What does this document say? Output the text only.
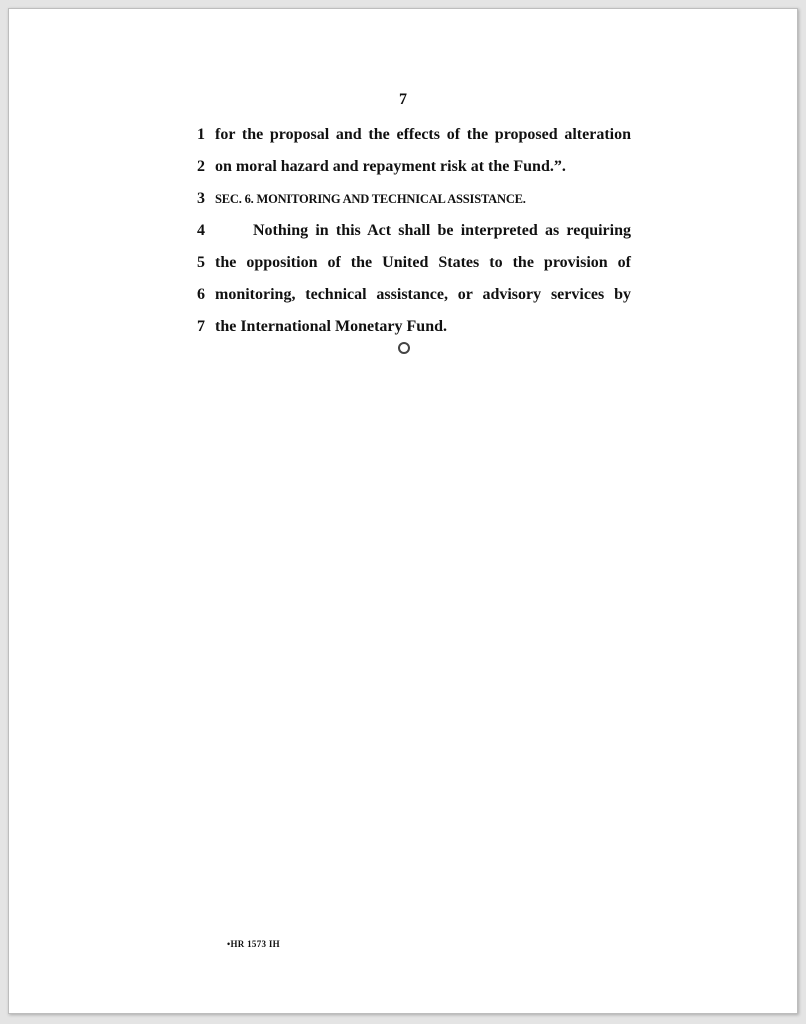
7
1 for the proposal and the effects of the proposed alteration
2 on moral hazard and repayment risk at the Fund.”.
3 SEC. 6. MONITORING AND TECHNICAL ASSISTANCE.
4	Nothing in this Act shall be interpreted as requiring
5 the opposition of the United States to the provision of
6 monitoring, technical assistance, or advisory services by
7 the International Monetary Fund.
•HR 1573 IH
